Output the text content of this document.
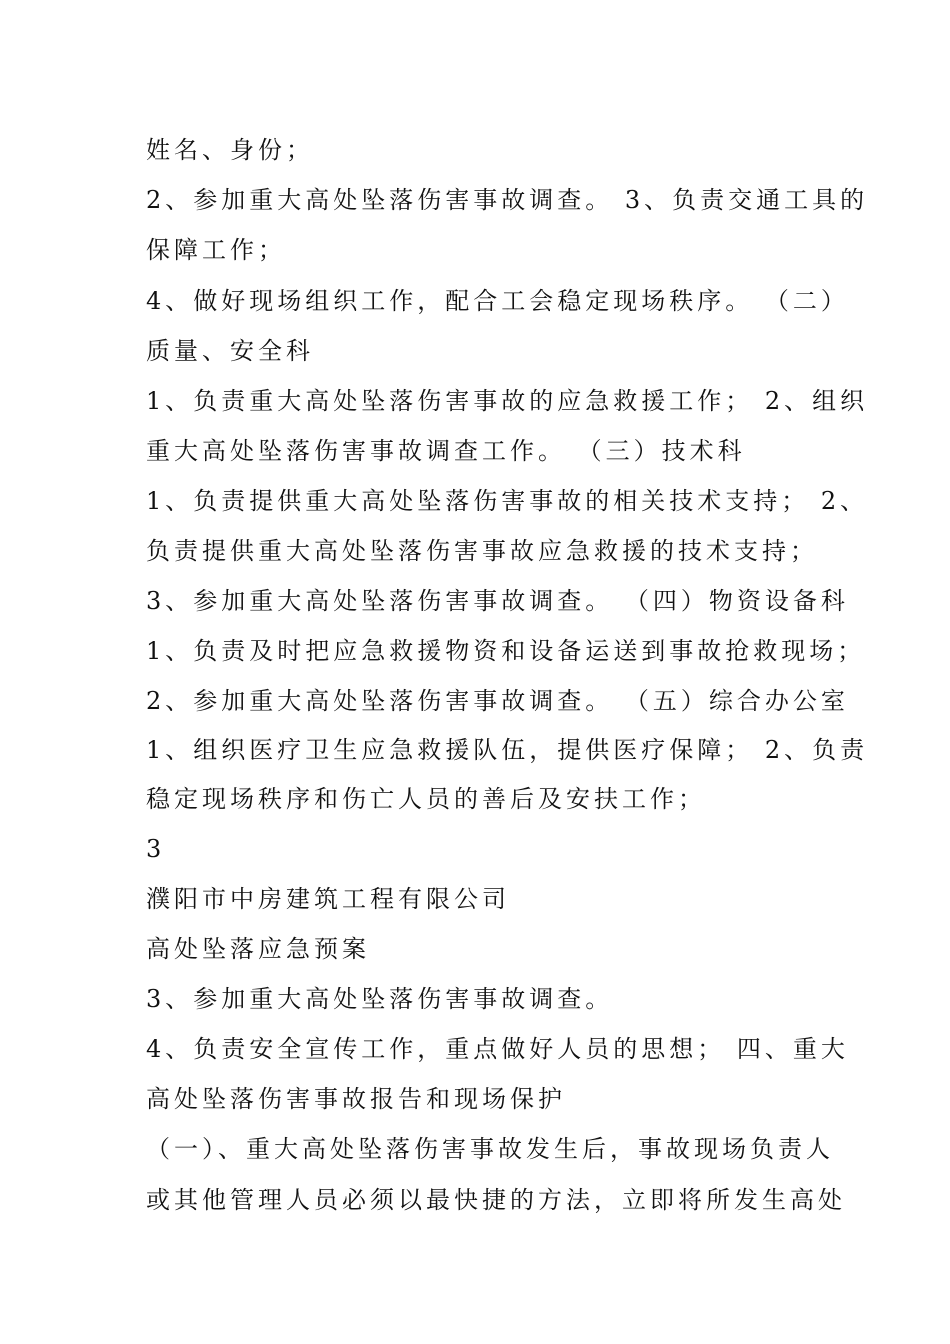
姓名、身份；
2、参加重大高处坠落伤害事故调查。 3、负责交通工具的
保障工作；
4、做好现场组织工作，配合工会稳定现场秩序。 （二）
质量、安全科
1、负责重大高处坠落伤害事故的应急救援工作； 2、组织
重大高处坠落伤害事故调查工作。 （三）技术科
1、负责提供重大高处坠落伤害事故的相关技术支持； 2、
负责提供重大高处坠落伤害事故应急救援的技术支持；
3、参加重大高处坠落伤害事故调查。 （四）物资设备科
1、负责及时把应急救援物资和设备运送到事故抢救现场；
2、参加重大高处坠落伤害事故调查。 （五）综合办公室
1、组织医疗卫生应急救援队伍，提供医疗保障； 2、负责
稳定现场秩序和伤亡人员的善后及安扶工作；
3
濮阳市中房建筑工程有限公司
高处坠落应急预案
3、参加重大高处坠落伤害事故调查。
4、负责安全宣传工作，重点做好人员的思想； 四、重大
高处坠落伤害事故报告和现场保护
（一）、重大高处坠落伤害事故发生后，事故现场负责人
或其他管理人员必须以最快捷的方法，立即将所发生高处
